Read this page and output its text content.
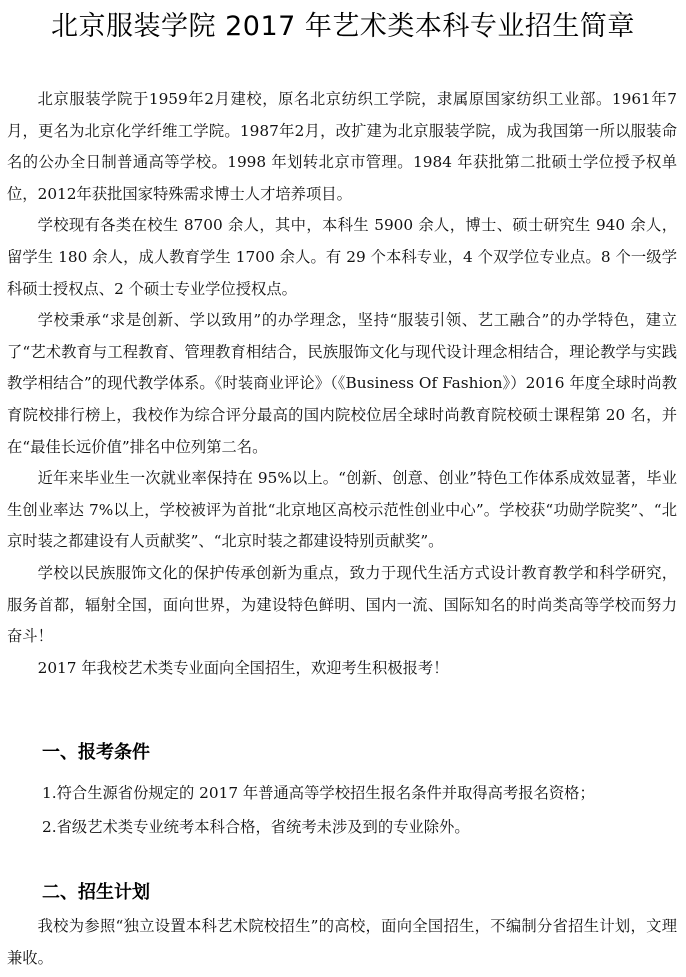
北京服装学院 2017 年艺术类本科专业招生简章

北京服装学院于1959年2月建校，原名北京纺织工学院，隶属原国家纺织工业部。1961年7月，更名为北京化学纤维工学院。1987年2月，改扩建为北京服装学院，成为我国第一所以服装命名的公办全日制普通高等学校。1998 年划转北京市管理。1984 年获批第二批硕士学位授予权单位，2012年获批国家特殊需求博士人才培养项目。

学校现有各类在校生 8700 余人，其中，本科生 5900 余人，博士、硕士研究生 940 余人，留学生 180 余人，成人教育学生 1700 余人。有 29 个本科专业，4 个双学位专业点。8 个一级学科硕士授权点、2 个硕士专业学位授权点。

学校秉承“求是创新、学以致用”的办学理念，坚持“服装引领、艺工融合”的办学特色，建立了“艺术教育与工程教育、管理教育相结合，民族服饰文化与现代设计理念相结合，理论教学与实践教学相结合”的现代教学体系。《时装商业评论》（《Business Of Fashion》）2016 年度全球时尚教育院校排行榜上，我校作为综合评分最高的国内院校位居全球时尚教育院校硕士课程第 20 名，并在“最佳长远价值”排名中位列第二名。

近年来毕业生一次就业率保持在 95%以上。“创新、创意、创业”特色工作体系成效显著，毕业生创业率达 7%以上，学校被评为首批“北京地区高校示范性创业中心”。学校获“功勋学院奖”、“北京时装之都建设有人贡献奖”、“北京时装之都建设特别贡献奖”。

学校以民族服饰文化的保护传承创新为重点，致力于现代生活方式设计教育教学和科学研究，服务首都，辐射全国，面向世界，为建设特色鲜明、国内一流、国际知名的时尚类高等学校而努力奋斗！

2017 年我校艺术类专业面向全国招生，欢迎考生积极报考！

一、报考条件
1.符合生源省份规定的 2017 年普通高等学校招生报名条件并取得高考报名资格；
2.省级艺术类专业统考本科合格，省统考未涉及到的专业除外。
二、招生计划

我校为参照“独立设置本科艺术院校招生”的高校，面向全国招生，不编制分省招生计划，文理兼收。
